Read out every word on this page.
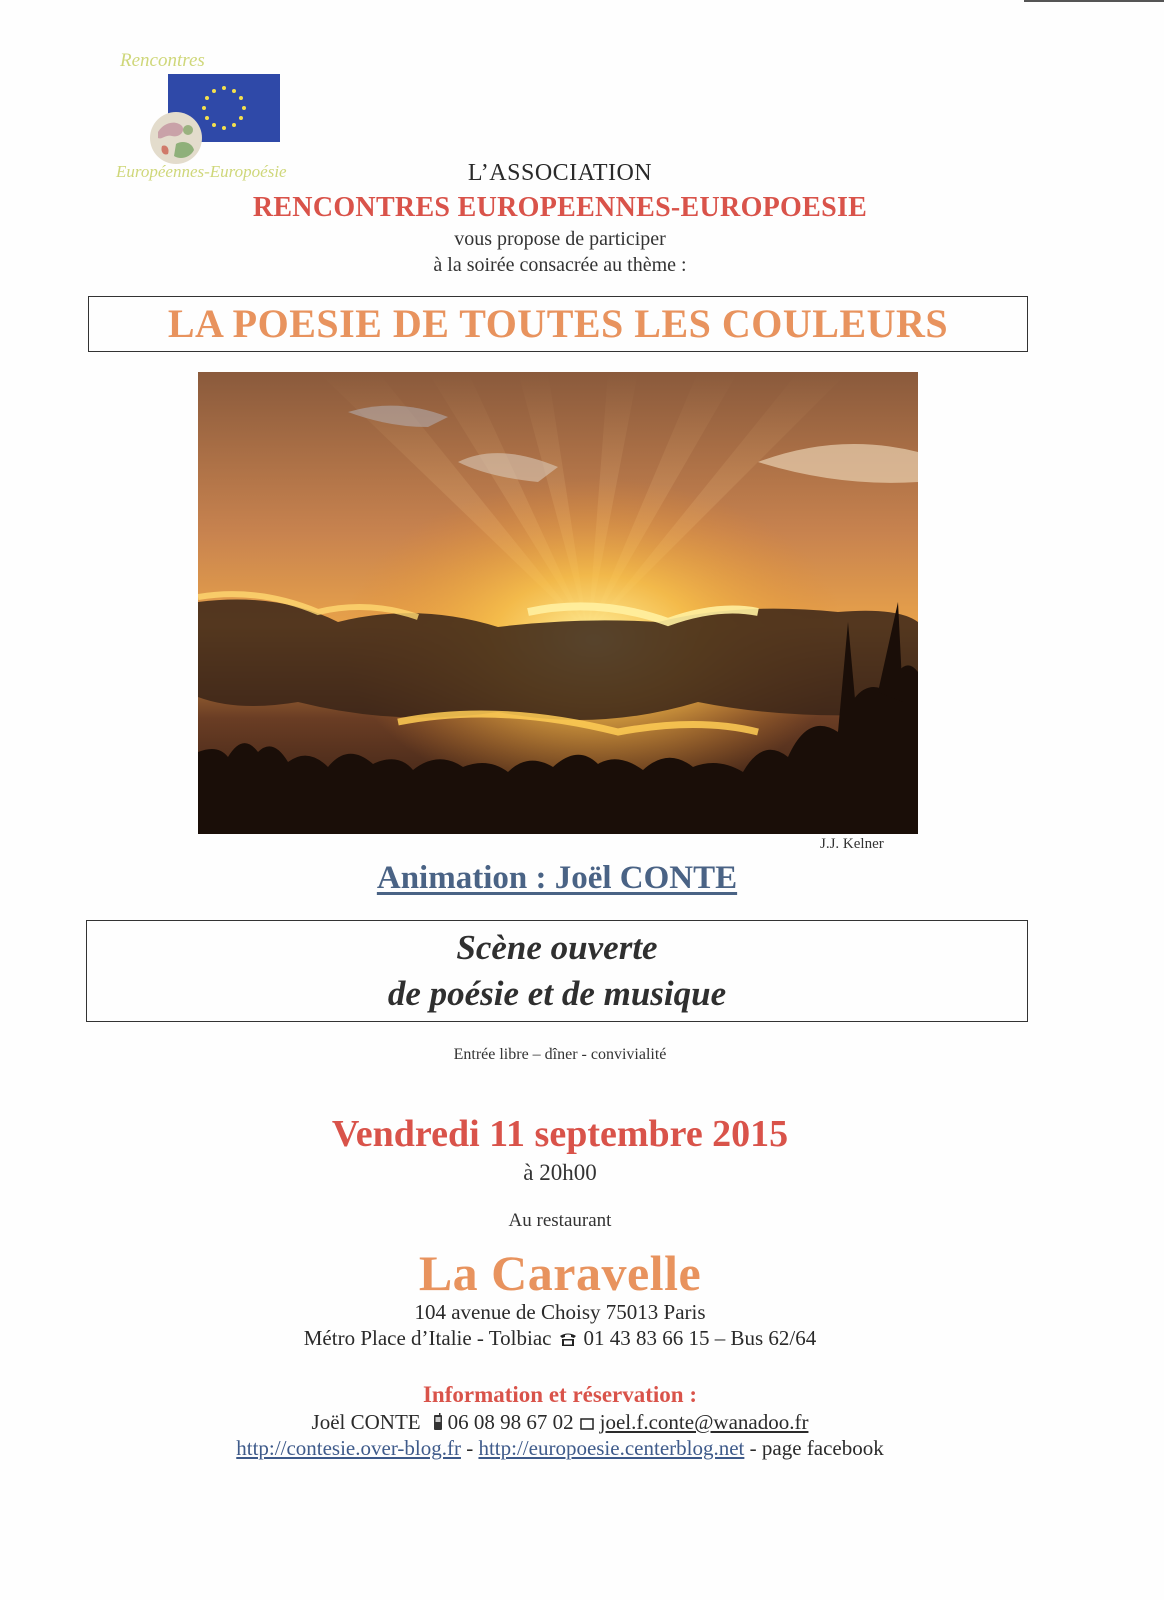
Rencontres
Européennes-Europoésie	L’ASSOCIATION
RENCONTRES EUROPEENNES-EUROPOESIE
vous propose de participer
à la soirée consacrée au thème :
LA POESIE DE TOUTES LES COULEURS
J.J. Kelner
Animation : Joël CONTE
Scène ouverte
de poésie et de musique
Entrée libre – dîner - convivialité
Vendredi 11 septembre 2015
à 20h00
Au restaurant
La Caravelle
104 avenue de Choisy 75013 Paris
Métro Place d’Italie - Tolbiac 01 43 83 66 15 – Bus 62/64
Information et réservation :
Joël CONTE 06 08 98 67 02 joel.f.conte@wanadoo.fr
http://contesie.over-blog.fr - http://europoesie.centerblog.net - page facebook
